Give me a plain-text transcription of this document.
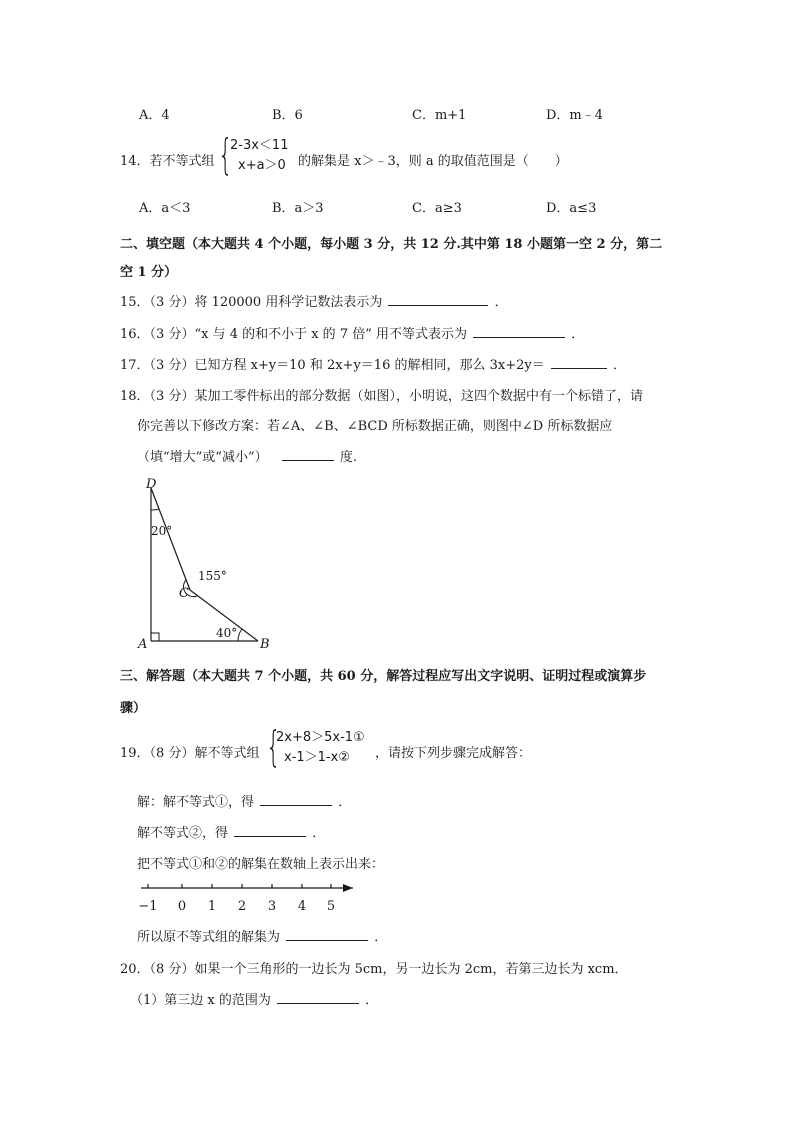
A．4	B．6	C．m+1	D．m﹣4
14．若不等式组 {
2-3x＜11
x+a＞0 的解集是 x＞﹣3，则 a 的取值范围是（　　）
A．a＜3	B．a＞3	C．a≥3	D．a≤3
二、填空题（本大题共 4 个小题，每小题 3 分，共 12 分.其中第 18 小题第一空 2 分，第二
空 1 分）
15．（3 分）将 120000 用科学记数法表示为	．
16．（3 分）“x 与 4 的和不小于 x 的 7 倍” 用不等式表示为	．
17．（3 分）已知方程 x+y＝10 和 2x+y＝16 的解相同，那么 3x+2y＝	．
18．（3 分）某加工零件标出的部分数据（如图），小明说，这四个数据中有一个标错了，请
你完善以下修改方案：若∠A、∠B、∠BCD 所标数据正确，则图中∠D 所标数据应
（填“增大”或“减小”）	度.
D
C
A	B
20°
155°
40°
三、解答题（本大题共 7 个小题，共 60 分，解答过程应写出文字说明、证明过程或演算步
骤）
19．（8 分）解不等式组 {
2x+8＞5x-1①
x-1＞1-x②	，请按下列步骤完成解答：
解：解不等式①，得	．
解不等式②，得	．
把不等式①和②的解集在数轴上表示出来：
−1 0 1 2 3 4 5
所以原不等式组的解集为	．
20．（8 分）如果一个三角形的一边长为 5cm，另一边长为 2cm，若第三边长为 xcm．
（1）第三边 x 的范围为	．
